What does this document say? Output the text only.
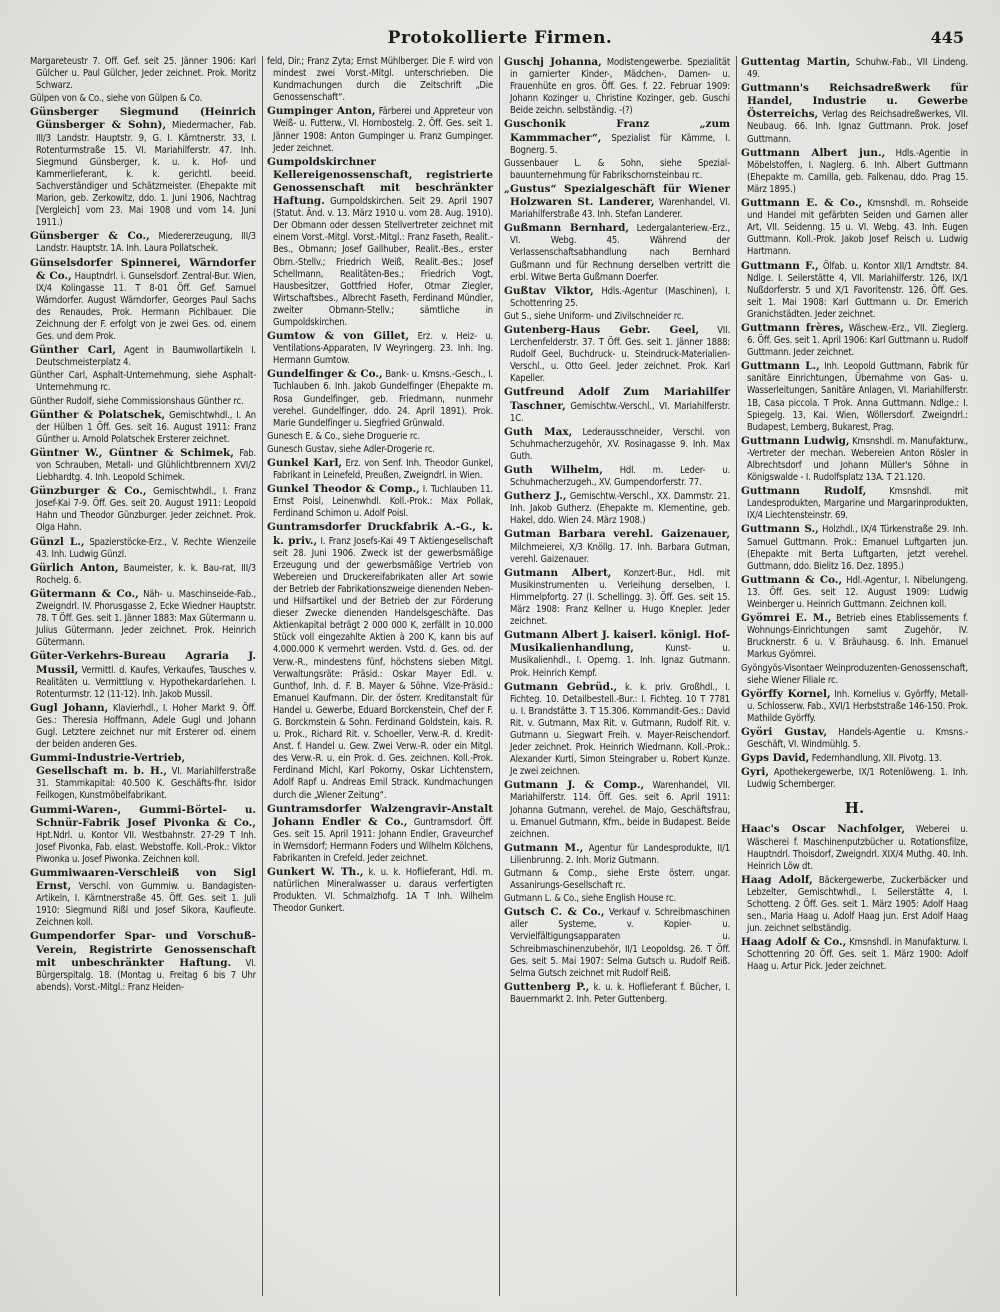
Protokollierte Firmen.	445

Margareteustr 7. Öff. Gef. seit 25. Jänner 1906: Karl Gülcher u. Paul Gülcher, Jeder zeichnet. Prok. Moritz Schwarz.

Gülpen von & Co., siehe von Gülpen & Co.

Günsberger Siegmund (Heinrich Günsberger & Sohn), Miedermacher, Fab. III/3 Landstr. Hauptstr. 9, G. I. Kärntnerstr. 33, I. Rotenturmstraße 15. VI. Mariahilferstr. 47. Inh. Siegmund Günsberger, k. u. k. Hof- und Kammerlieferant, k. k. gerichtl. beeid. Sachverständiger und Schätzmeister. (Ehepakte mit Marion, geb. Zerkowitz, ddo. 1. Juni 1906, Nachtrag [Vergleich] vom 23. Mai 1908 und vom 14. Juni 1911.)

Günsberger & Co., Miedererzeugung, III/3 Landstr. Hauptstr. 1A. Inh. Laura Pollatschek.

Günselsdorfer Spinnerei, Wärndorfer & Co., Hauptndrl. i. Gunselsdorf. Zentral-Bur. Wien, IX/4 Kolingasse 11. T 8-01 Öff. Gef. Samuel Wärndorfer. August Wärndorfer, Georges Paul Sachs des Renaudes, Prok. Hermann Pichlbauer. Die Zeichnung der F. erfolgt von je zwei Ges. od. einem Ges. und dem Prok.

Günther Carl, Agent in Baumwollartikeln I. Deutschmeisterplatz 4.

Günther Carl, Asphalt-Unternehmung, siehe Asphalt-Unternehmung rc.

Günther Rudolf, siehe Commissionshaus Günther rc.

Günther & Polatschek, Gemischtwhdl., I. An der Hülben 1 Öff. Ges. seit 16. August 1911: Franz Günther u. Arnold Polatschek Ersterer zeichnet.

Güntner W., Güntner & Schimek, Fab. von Schrauben, Metall- und Glühlichtbrennern XVI/2 Liebhardtg. 4. Inh. Leopold Schimek.

Günzburger & Co., Gemischtwhdl., I. Franz Josef-Kai 7-9. Öff. Ges. seit 20. August 1911: Leopold Hahn und Theodor Günzburger. Jeder zeichnet. Prok. Olga Hahn.

Günzl L., Spazierstöcke-Erz., V. Rechte Wienzeile 43. Inh. Ludwig Günzl.

Gürlich Anton, Baumeister, k. k. Bau-rat, III/3 Rochelg. 6.

Gütermann & Co., Näh- u. Maschinseide-Fab., Zweigndrl. IV. Phorusgasse 2, Ecke Wiedner Hauptstr. 78. T Öff. Ges. seit 1. Jänner 1883: Max Gütermann u. Julius Gütermann. Jeder zeichnet. Prok. Heinrich Gütermann.

Güter-Verkehrs-Bureau Agraria J. Mussil, Vermittl. d. Kaufes, Verkaufes, Tausches v. Realitäten u. Vermittlung v. Hypothekardarlehen. I. Rotenturmstr. 12 (11-12). Inh. Jakob Mussil.

Gugl Johann, Klavierhdl., I. Hoher Markt 9. Öff. Ges.: Theresia Hoffmann, Adele Gugl und Johann Gugl. Letztere zeichnet nur mit Ersterer od. einem der beiden anderen Ges.

Gummi-Industrie-Vertrieb, Gesellschaft m. b. H., VI. Mariahilferstraße 31. Stammkapital: 40.500 K. Geschäfts-fhr. Isidor Feilkogen, Kunstmöbelfabrikant.

Gummi-Waren-, Gummi-Börtel- u. Schnür-Fabrik Josef Pivonka & Co., Hpt.Ndrl. u. Kontor VII. Westbahnstr. 27-29 T Inh. Josef Pivonka, Fab. elast. Webstoffe. Koll.-Prok.: Viktor Piwonka u. Josef Piwonka. Zeichnen koll.

Gummiwaaren-Verschleiß von Sigl Ernst, Verschl. von Gummiw. u. Bandagisten-Artikeln, I. Kärntnerstraße 45. Öff. Ges. seit 1. Juli 1910: Siegmund Rißl und Josef Sikora, Kaufleute. Zeichnen koll.

Gumpendorfer Spar- und Vorschuß-Verein, Registrirte Genossenschaft mit unbeschränkter Haftung. VI. Bürgerspitalg. 18. (Montag u. Freitag 6 bis 7 Uhr abends). Vorst.-Mitgl.: Franz Heiden-

feld, Dir.; Franz Zyta; Ernst Mühlberger. Die F. wird von mindest zwei Vorst.-Mitgl. unterschrieben. Die Kundmachungen durch die Zeitschrift „Die Genossenschaft“.

Gumpinger Anton, Färberei und Appreteur von Weiß- u. Futterw., VI. Hornbostelg. 2. Öff. Ges. seit 1. Jänner 1908: Anton Gumpinger u. Franz Gumpinger. Jeder zeichnet.

Gumpoldskirchner Kellereigenossenschaft, registrierte Genossenschaft mit beschränkter Haftung. Gumpoldskirchen. Seit 29. April 1907 (Statut. Änd. v. 13. März 1910 u. vom 28. Aug. 1910). Der Obmann oder dessen Stellvertreter zeichnet mit einem Vorst.-Mitgl. Vorst.-Mitgl.: Franz Faseth, Realit.-Bes., Obmann; Josef Gallhuber, Realit.-Bes., erster Obm.-Stellv.; Friedrich Weiß, Realit.-Bes.; Josef Schellmann, Realitäten-Bes.; Friedrich Vogt, Hausbesitzer, Gottfried Hofer, Otmar Ziegler, Wirtschaftsbes., Albrecht Faseth, Ferdinand Mündler, zweiter Obmann-Stellv.; sämtliche in Gumpoldskirchen.

Gumtow & von Gillet, Erz. v. Heiz- u. Ventilations-Apparaten, IV Weyringerg. 23. Inh. Ing. Hermann Gumtow.

Gundelfinger & Co., Bank- u. Kmsns.-Gesch., I. Tuchlauben 6. Inh. Jakob Gundelfinger (Ehepakte m. Rosa Gundelfinger, geb. Friedmann, nunmehr verehel. Gundelfinger, ddo. 24. April 1891). Prok. Marie Gundelfinger u. Siegfried Grünwald.

Gunesch E. & Co., siehe Droguerie rc.

Gunesch Gustav, siehe Adler-Drogerie rc.

Gunkel Karl, Erz. von Senf. Inh. Theodor Gunkel, Fabrikant in Leinefeld, Preußen, Zweigndrl. in Wien.

Gunkel Theodor & Comp., I. Tuchlauben 11. Ernst Poisl, Leinenwhdl. Koll.-Prok.: Max Pollak, Ferdinand Schimon u. Adolf Poisl.

Guntramsdorfer Druckfabrik A.-G., k. k. priv., I. Franz Josefs-Kai 49 T Aktiengesellschaft seit 28. Juni 1906. Zweck ist der gewerbsmäßige Erzeugung und der gewerbsmäßige Vertrieb von Webereien und Druckereifabrikaten aller Art sowie der Betrieb der Fabrikationszweige dienenden Neben- und Hilfsartikel und der Betrieb der zur Förderung dieser Zwecke dienenden Handelsgeschäfte. Das Aktienkapital beträgt 2 000 000 K, zerfällt in 10.000 Stück voll eingezahlte Aktien à 200 K, kann bis auf 4.000.000 K vermehrt werden. Vstd. d. Ges. od. der Verw.-R., mindestens fünf, höchstens sieben Mitgl. Verwaltungsräte: Präsid.: Oskar Mayer Edl. v. Gunthof, Inh. d. F. B. Mayer & Söhne. Vize-Präsid.: Emanuel Kaufmann. Dir. der österr. Kreditanstalt für Handel u. Gewerbe, Eduard Borckenstein, Chef der F. G. Borckmstein & Sohn. Ferdinand Goldstein, kais. R. u. Prok., Richard Rit. v. Schoeller, Verw.-R. d. Kredit-Anst. f. Handel u. Gew. Zwei Verw.-R. oder ein Mitgl. des Verw.-R. u. ein Prok. d. Ges. zeichnen. Koll.-Prok. Ferdinand Michl, Karl Pokorny, Oskar Lichtenstern, Adolf Rapf u. Andreas Emil Strack. Kundmachungen durch die „Wiener Zeitung“.

Guntramsdorfer Walzengravir-Anstalt Johann Endler & Co., Guntramsdorf. Öff. Ges. seit 15. April 1911: Johann Endler, Graveurchef in Wernsdorf; Hermann Foders und Wilhelm Kölchens, Fabrikanten in Crefeld. Jeder zeichnet.

Gunkert W. Th., k. u. k. Hoflieferant, Hdl. m. natürlichen Mineralwasser u. daraus verfertigten Produkten. VI. Schmalzhofg. 1A T Inh. Wilhelm Theodor Gunkert.

Guschj Johanna, Modistengewerbe. Spezialität in garnierter Kinder-, Mädchen-, Damen- u. Frauenhüte en gros. Öff. Ges. f. 22. Februar 1909: Johann Kozinger u. Christine Kozinger, geb. Guschi Beide zeichn. selbständig. -(?)

Guschonik Franz „zum Kammmacher“, Spezialist für Kämme, I. Bognerg. 5.

Gussenbauer L. & Sohn, siehe Spezial-bauunternehmung für Fabrikschornsteinbau rc.

„Gustus“ Spezialgeschäft für Wiener Holzwaren St. Landerer, Warenhandel, VI. Mariahilferstraße 43. Inh. Stefan Landerer.

Gußmann Bernhard, Ledergalanteriew.-Erz., VI. Webg. 45. Während der Verlassenschaftsabhandlung nach Bernhard Gußmann und für Rechnung derselben vertritt die erbl. Witwe Berta Gußmann Doerfer.

Gußtav Viktor, Hdls.-Agentur (Maschinen), I. Schottenring 25.

Gut S., siehe Uniform- und Zivilschneider rc.

Gutenberg-Haus Gebr. Geel, VII. Lerchenfelderstr. 37. T Öff. Ges. seit 1. Jänner 1888: Rudolf Geel, Buchdruck- u. Steindruck-Materialien-Verschl., u. Otto Geel. Jeder zeichnet. Prok. Karl Kapeller.

Gutfreund Adolf Zum Mariahilfer Taschner, Gemischtw.-Verschl., VI. Mariahilferstr. 1C.

Guth Max, Lederausschneider, Verschl. von Schuhmacherzugehör, XV. Rosinagasse 9. Inh. Max Guth.

Guth Wilhelm, Hdl. m. Leder- u. Schuhmacherzugeh., XV. Gumpendorferstr. 77.

Gutherz J., Gemischtw.-Verschl., XX. Dammstr. 21. Inh. Jakob Gutherz. (Ehepakte m. Klementine, geb. Hakel, ddo. Wien 24. März 1908.)

Gutman Barbara verehl. Gaizenauer, Milchmeierei, X/3 Knöllg. 17. Inh. Barbara Gutman, verehl. Gaizenauer.

Gutmann Albert, Konzert-Bur., Hdl. mit Musikinstrumenten u. Verleihung derselben, I. Himmelpfortg. 27 (I. Schellingg. 3). Öff. Ges. seit 15. März 1908: Franz Kellner u. Hugo Knepler. Jeder zeichnet.

Gutmann Albert J. kaiserl. königl. Hof-Musikalienhandlung,	Kunst- u. Musikalienhdl., I. Operng. 1. Inh. Ignaz Gutmann. Prok. Heinrich Kempf.

Gutmann Gebrüd., k. k. priv. Großhdl., I. Fichteg. 10. Detailbestell.-Bur.: I. Fichteg. 10 T 7781 u. I. Brandstätte 3. T 15.306. Kommandit-Ges.: David Rit. v. Gutmann, Max Rit. v. Gutmann, Rudolf Rit. v. Gutmann u. Siegwart Freih. v. Mayer-Reischendorf. Jeder zeichnet. Prok. Heinrich Wiedmann. Koll.-Prok.: Alexander Kurti, Simon Steingraber u. Robert Kunze. Je zwei zeichnen.

Gutmann J. & Comp., Warenhandel, VII. Mariahilferstr. 114. Öff. Ges. seit 6. April 1911: Johanna Gutmann, verehel. de Majo, Geschäftsfrau, u. Emanuel Gutmann, Kfm., beide in Budapest. Beide zeichnen.

Gutmann M., Agentur für Landesprodukte, II/1 Lilienbrunng. 2. Inh. Moriz Gutmann.

Gutmann & Comp., siehe Erste österr. ungar. Assanirungs-Gesellschaft rc.

Gutmann L. & Co., siehe English House rc.

Gutsch C. & Co., Verkauf v. Schreibmaschinen aller Systeme, v. Kopier- u. Vervielfältigungsapparaten u. Schreibmaschinenzubehör, II/1 Leopoldsg. 26. T Öff. Ges. seit 5. Mai 1907: Selma Gutsch u. Rudolf Reiß. Selma Gutsch zeichnet mit Rudolf Reiß.

Guttenberg P., k. u. k. Hoflieferant f. Bücher, I. Bauernmarkt 2. Inh. Peter Guttenberg.

Guttentag Martin, Schuhw.-Fab., VII Lindeng. 49.

Guttmann's Reichsadreßwerk für Handel, Industrie u. Gewerbe Österreichs, Verlag des Reichsadreßwerkes, VII. Neubaug. 66. Inh. Ignaz Guttmann. Prok. Josef Guttmann.

Guttmann Albert jun., Hdls.-Agentie in Möbelstoffen, I. Naglerg. 6. Inh. Albert Guttmann (Ehepakte m. Camilla, geb. Falkenau, ddo. Prag 15. März 1895.)

Guttmann E. & Co., Kmsnshdl. m. Rohseide und Handel mit gefärbten Seiden und Garnen aller Art, VII. Seidenng. 15 u. VI. Webg. 43. Inh. Eugen Guttmann. Koll.-Prok. Jakob Josef Reisch u. Ludwig Hartmann.

Guttmann F., Ölfab. u. Kontor XII/1 Arndtstr. 84. Ndlge. I. Seilerstätte 4, VII. Mariahilferstr. 126, IX/1 Nußdorferstr. 5 und X/1 Favoritenstr. 126. Öff. Ges. seit 1. Mai 1908: Karl Guttmann u. Dr. Emerich Granichstädten. Jeder zeichnet.

Guttmann frères, Wäschew.-Erz., VII. Zieglerg. 6. Öff. Ges. seit 1. April 1906: Karl Guttmann u. Rudolf Guttmann. Jeder zeichnet.

Guttmann L., Inh. Leopold Guttmann, Fabrik für sanitäre Einrichtungen, Übernahme von Gas- u. Wasserleitungen, Sanitäre Anlagen, VI. Mariahilferstr. 1B, Casa piccola. T Prok. Anna Guttmann. Ndlge.: I. Spiegelg. 13, Kai. Wien, Wöllersdorf. Zweigndrl.: Budapest, Lemberg, Bukarest, Prag.

Guttmann Ludwig, Kmsnshdl. m. Manufakturw., -Vertreter der mechan. Webereien Anton Rösler in Albrechtsdorf und Johann Müller's Söhne in Königswalde - I. Rudolfsplatz 13A. T 21.120.

Guttmann Rudolf, Kmsnshdl. mit Landesprodukten, Margarine und Margarinprodukten, IX/4 Liechtensteinstr. 69.

Guttmann S., Holzhdl., IX/4 Türkenstraße 29. Inh. Samuel Guttmann. Prok.: Emanuel Luftgarten jun. (Ehepakte mit Berta Luftgarten, jetzt verehel. Guttmann, ddo. Bielitz 16. Dez. 1895.)

Guttmann & Co., Hdl.-Agentur, I. Nibelungeng. 13. Öff. Ges. seit 12. August 1909: Ludwig Weinberger u. Heinrich Guttmann. Zeichnen koll.

Gyömrei E. M., Betrieb eines Etablissements f. Wohnungs-Einrichtungen samt Zugehör, IV. Brucknerstr. 6 u. V. Bräuhausg. 6. Inh. Emanuel Markus Gyömrei.

Gyöngyös-Visontaer Weinproduzenten-Genossenschaft, siehe Wiener Filiale rc.

Györffy Kornel, Inh. Kornelius v. Györffy, Metall- u. Schlosserw. Fab., XVI/1 Herbststraße 146-150. Prok. Mathilde Györffy.

Györi Gustav, Handels-Agentie u. Kmsns.-Geschäft, VI. Windmühlg. 5.

Gyps David, Federnhandlung, XII. Pivotg. 13.

Gyri, Apothekergewerbe, IX/1 Rotenlöweng. 1. Inh. Ludwig Schernberger.

H.

Haac's Oscar Nachfolger, Weberei u. Wäscherei f. Maschinenputzbücher u. Rotationsfilze, Hauptndrl. Thoisdorf, Zweigndrl. XIX/4 Muthg. 40. Inh. Heinrich Löw dt.

Haag Adolf, Bäckergewerbe, Zuckerbäcker und Lebzelter, Gemischtwhdl., I. Seilerstätte 4, I. Schotteng. 2 Öff. Ges. seit 1. März 1905: Adolf Haag sen., Maria Haag u. Adolf Haag jun. Erst Adolf Haag jun. zeichnet selbständig.

Haag Adolf & Co., Kmsnshdl. in Manufakturw. I. Schottenring 20 Öff. Ges. seit 1. März 1900: Adolf Haag u. Artur Pick. Jeder zeichnet.
